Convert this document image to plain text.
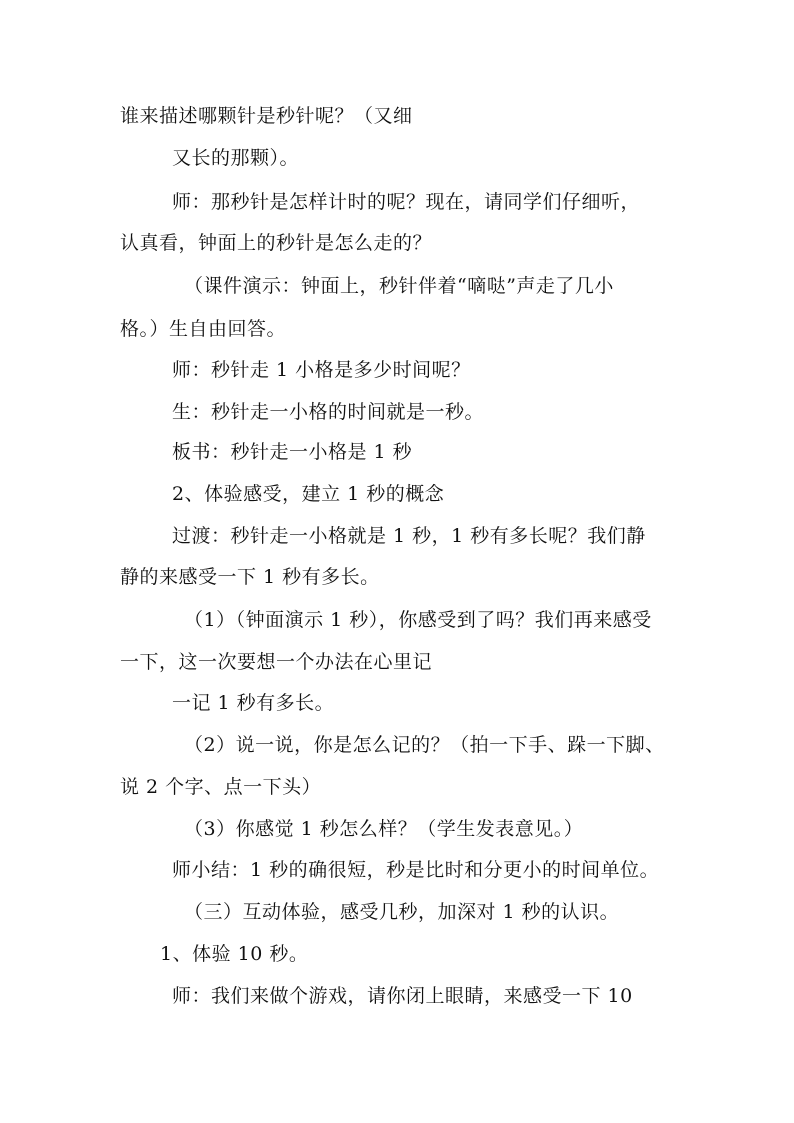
谁来描述哪颗针是秒针呢？（又细
又长的那颗）。
师：那秒针是怎样计时的呢？现在，请同学们仔细听，
认真看，钟面上的秒针是怎么走的？
（课件演示：钟面上，秒针伴着“嘀哒”声走了几小
格。）生自由回答。
师：秒针走 1 小格是多少时间呢？
生：秒针走一小格的时间就是一秒。
板书：秒针走一小格是 1 秒
2、体验感受，建立 1 秒的概念
过渡：秒针走一小格就是 1 秒，1 秒有多长呢？我们静
静的来感受一下 1 秒有多长。
（1）（钟面演示 1 秒），你感受到了吗？我们再来感受
一下，这一次要想一个办法在心里记
一记 1 秒有多长。
（2）说一说，你是怎么记的？（拍一下手、跺一下脚、
说 2 个字、点一下头）
（3）你感觉 1 秒怎么样？（学生发表意见。）
师小结：1 秒的确很短，秒是比时和分更小的时间单位。
（三）互动体验，感受几秒，加深对 1 秒的认识。
1、体验 10 秒。
师：我们来做个游戏，请你闭上眼睛，来感受一下 10
